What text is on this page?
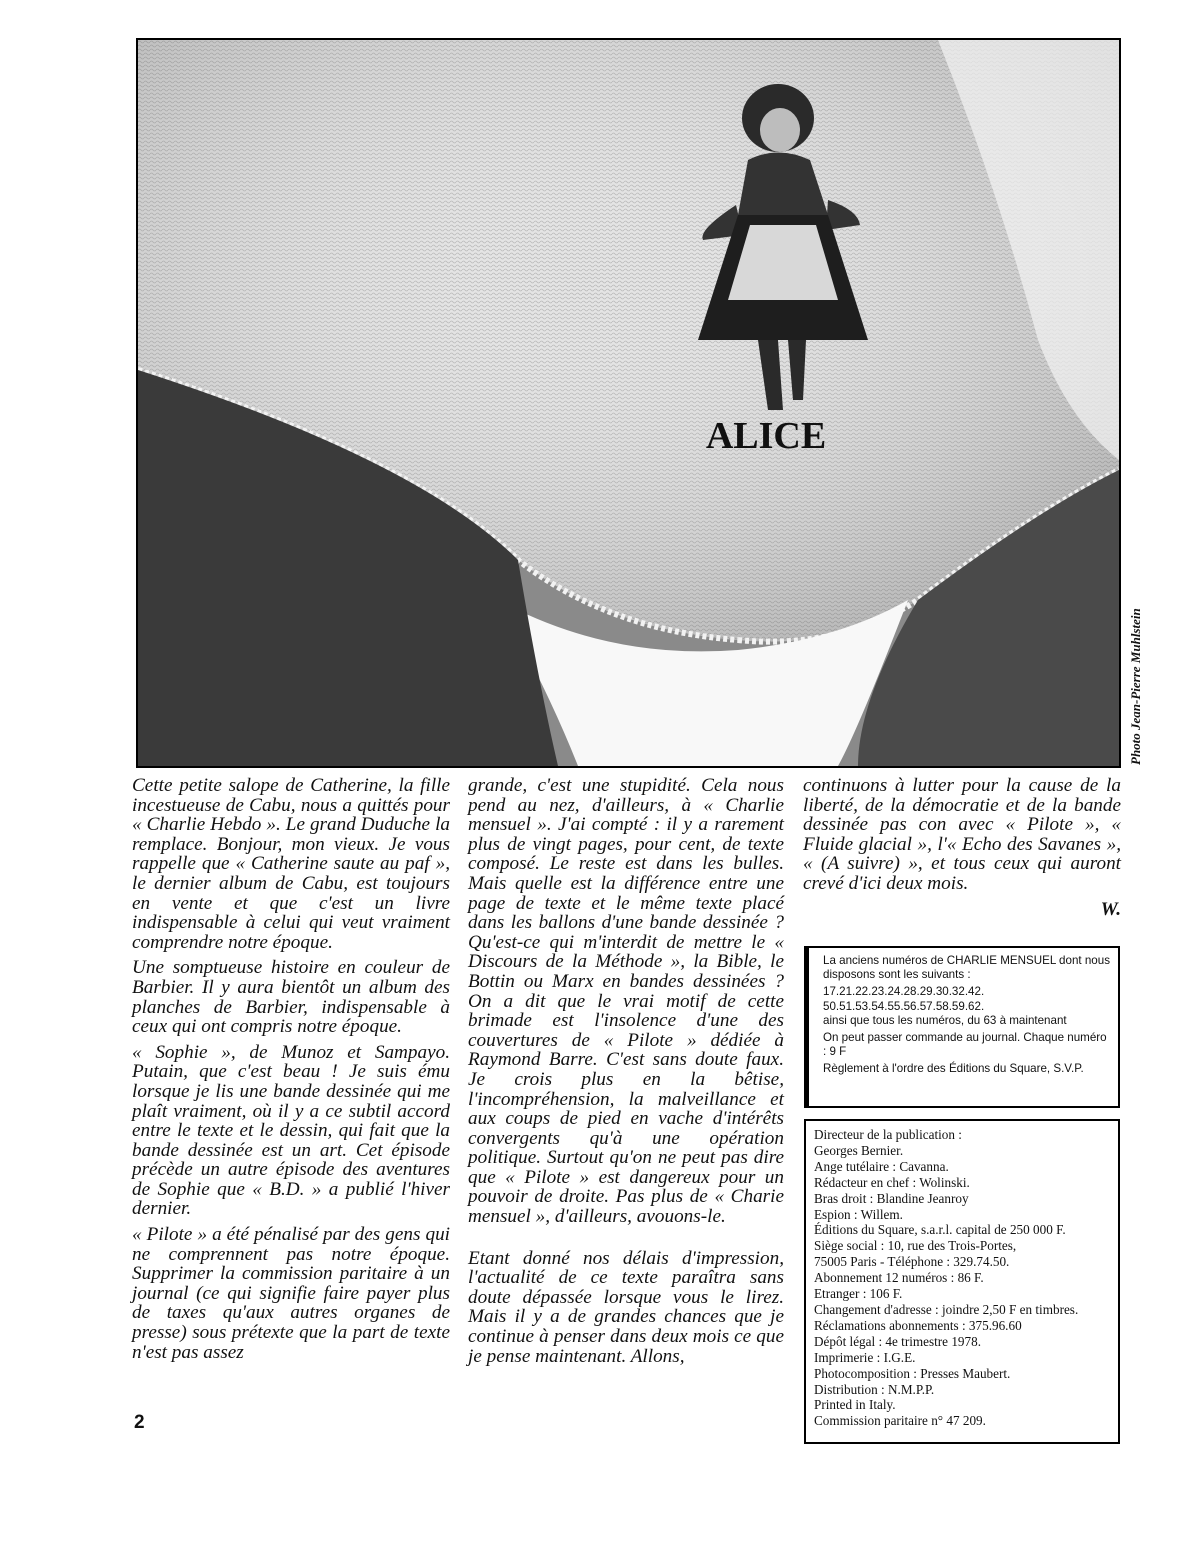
ALICE
Photo Jean-Pierre Muhlstein

Cette petite salope de Catherine, la fille incestueuse de Cabu, nous a quittés pour « Charlie Hebdo ». Le grand Duduche la remplace. Bonjour, mon vieux. Je vous rappelle que « Catherine saute au paf », le dernier album de Cabu, est toujours en vente et que c'est un livre indispensable à celui qui veut vraiment comprendre notre époque.

Une somptueuse histoire en couleur de Barbier. Il y aura bientôt un album des planches de Barbier, indispensable à ceux qui ont compris notre époque.

« Sophie », de Munoz et Sampayo. Putain, que c'est beau ! Je suis ému lorsque je lis une bande dessinée qui me plaît vraiment, où il y a ce subtil accord entre le texte et le dessin, qui fait que la bande dessinée est un art. Cet épisode précède un autre épisode des aventures de Sophie que « B.D. » a publié l'hiver dernier.

« Pilote » a été pénalisé par des gens qui ne comprennent pas notre époque. Supprimer la commission paritaire à un journal (ce qui signifie faire payer plus de taxes qu'aux autres organes de presse) sous prétexte que la part de texte n'est pas assez

grande, c'est une stupidité. Cela nous pend au nez, d'ailleurs, à « Charlie mensuel ». J'ai compté : il y a rarement plus de vingt pages, pour cent, de texte composé. Le reste est dans les bulles. Mais quelle est la différence entre une page de texte et le même texte placé dans les ballons d'une bande dessinée ? Qu'est-ce qui m'interdit de mettre le « Discours de la Méthode », la Bible, le Bottin ou Marx en bandes dessinées ? On a dit que le vrai motif de cette brimade est l'insolence d'une des couvertures de « Pilote » dédiée à Raymond Barre. C'est sans doute faux. Je crois plus en la bêtise, l'incompréhension, la malveillance et aux coups de pied en vache d'intérêts convergents qu'à une opération politique. Surtout qu'on ne peut pas dire que « Pilote » est dangereux pour un pouvoir de droite. Pas plus de « Charie mensuel », d'ailleurs, avouons-le.

Etant donné nos délais d'impression, l'actualité de ce texte paraîtra sans doute dépassée lorsque vous le lirez. Mais il y a de grandes chances que je continue à penser dans deux mois ce que je pense maintenant. Allons,

continuons à lutter pour la cause de la liberté, de la démocratie et de la bande dessinée pas con avec « Pilote », « Fluide glacial », l'« Echo des Savanes », « (A suivre) », et tous ceux qui auront crevé d'ici deux mois.

W.
La anciens numéros de CHARLIE MENSUEL dont nous disposons sont les suivants :
17.21.22.23.24.28.29.30.32.42.
50.51.53.54.55.56.57.58.59.62.
ainsi que tous les numéros, du 63 à maintenant
On peut passer commande au journal. Chaque numéro : 9 F
Règlement à l'ordre des Éditions du Square, S.V.P.
Directeur de la publication :
Georges Bernier.
Ange tutélaire : Cavanna.
Rédacteur en chef : Wolinski.
Bras droit : Blandine Jeanroy
Espion : Willem.
Éditions du Square, s.a.r.l. capital de 250 000 F.
Siège social : 10, rue des Trois-Portes,
75005 Paris - Téléphone : 329.74.50.
Abonnement 12 numéros : 86 F.
Etranger : 106 F.
Changement d'adresse : joindre 2,50 F en timbres.
Réclamations abonnements : 375.96.60
Dépôt légal : 4e trimestre 1978.
Imprimerie : I.G.E.
Photocomposition : Presses Maubert.
Distribution : N.M.P.P.
Printed in Italy.
Commission paritaire n° 47 209.
2
